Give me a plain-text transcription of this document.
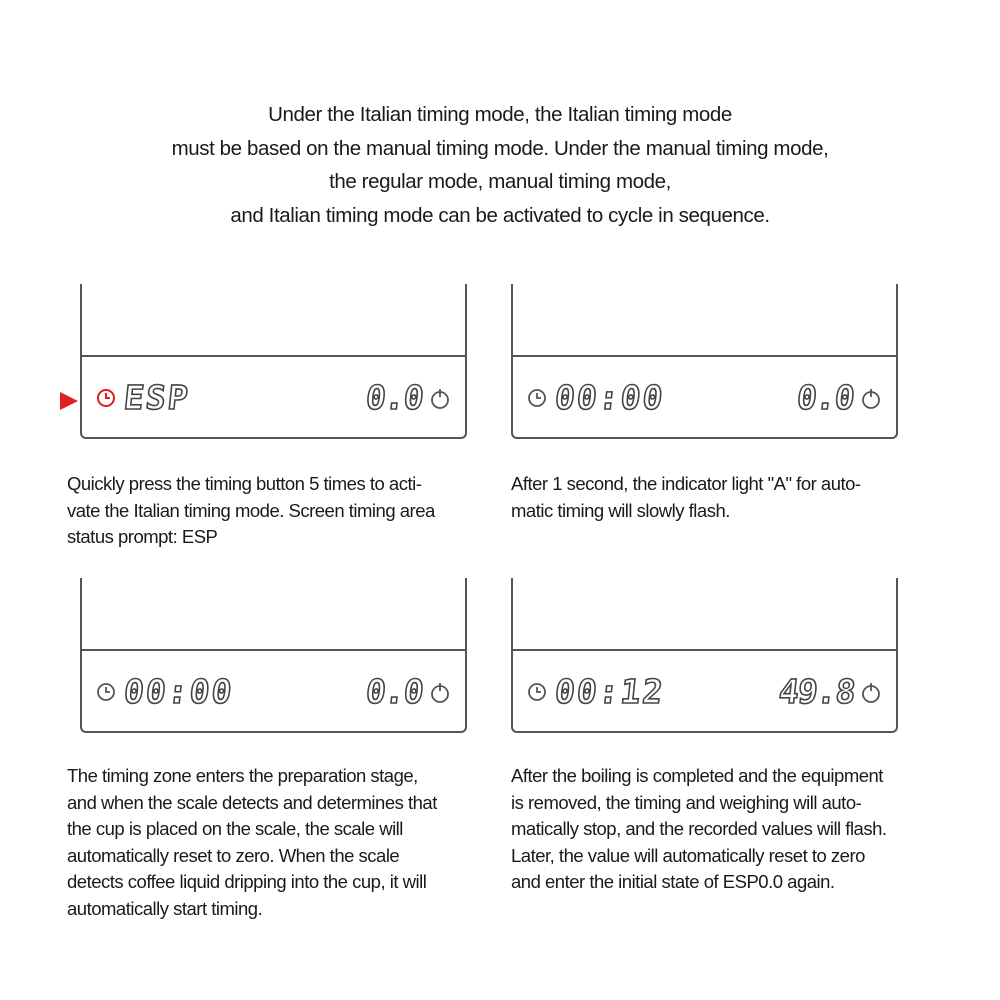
Under the Italian timing mode, the Italian timing mode
must be based on the manual timing mode. Under the manual timing mode,
the regular mode, manual timing mode,
and Italian timing mode can be activated to cycle in sequence.
ESP	0.0	00:00	0.0
00:00	0.0	00:12	49.8
Quickly press the timing button 5 times to acti-
vate the Italian timing mode. Screen timing area
status prompt: ESP
After 1 second, the indicator light "A" for auto-
matic timing will slowly flash.
The timing zone enters the preparation stage,
and when the scale detects and determines that
the cup is placed on the scale, the scale will
automatically reset to zero. When the scale
detects coffee liquid dripping into the cup, it will
automatically start timing.
After the boiling is completed and the equipment
is removed, the timing and weighing will auto-
matically stop, and the recorded values will flash.
Later, the value will automatically reset to zero
and enter the initial state of ESP0.0 again.
